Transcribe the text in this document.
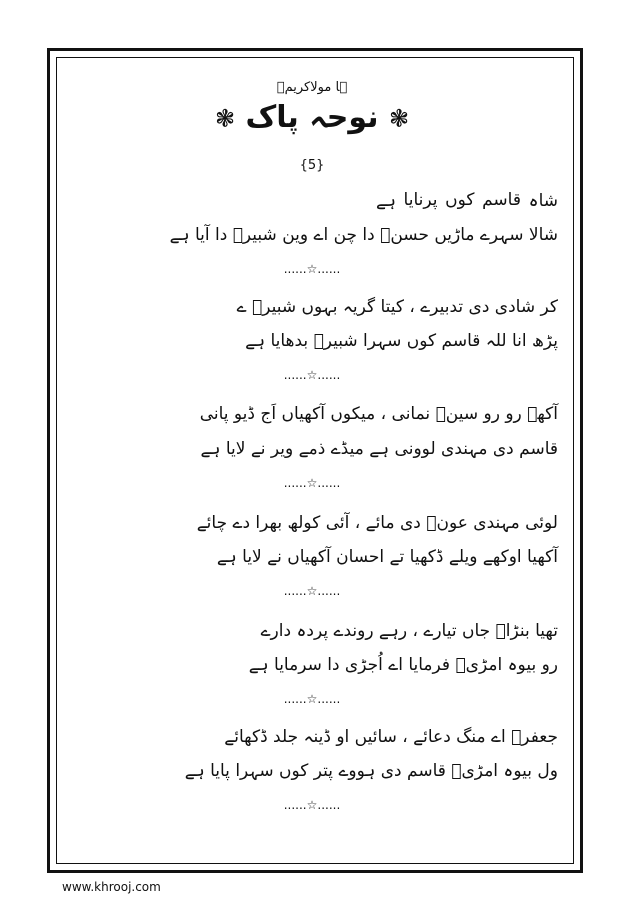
ہا مولاکریمؑ
❃ نوحہ پاک ❃
{5}
شاہ
قاسم
کوں
پرنایا
ہے
شالا سہرے ماڑیں حسنؑ دا چن اے وین شبیرؑ دا آیا ہے
......☆......
کر شادی دی تدبیرے ، کیتا گریہ بہوں شبیرؑ ے
پڑھ انا للہ قاسم کوں سہرا شبیرؑ بدھایا ہے
......☆......
آکھے رو رو سینؑ نمانی ، میکوں آکھیاں اَج ڈیو پانی
قاسم دی مہندی لوونی ہے میڈے ذمے ویر نے لایا ہے
......☆......
لوئی مہندی عونؑ دی مائے ، آئی کولھ بھرا دے چائے
آکھیا اوکھے ویلے ڈکھیا تے احسان آکھیاں نے لایا ہے
......☆......
تھیا بنڑاؑ جاں تیارے ، رہے روندے پردہ دارے
رو بیوہ امڑیؑ فرمایا اے اُجڑی دا سرمایا ہے
......☆......
جعفرؑ اے منگ دعائے ، سائیں او ڈینہ جلد ڈکھائے
ول بیوہ امڑیؑ قاسم دی ہووے پتر کوں سہرا پایا ہے
......☆......
www.khrooj.com
